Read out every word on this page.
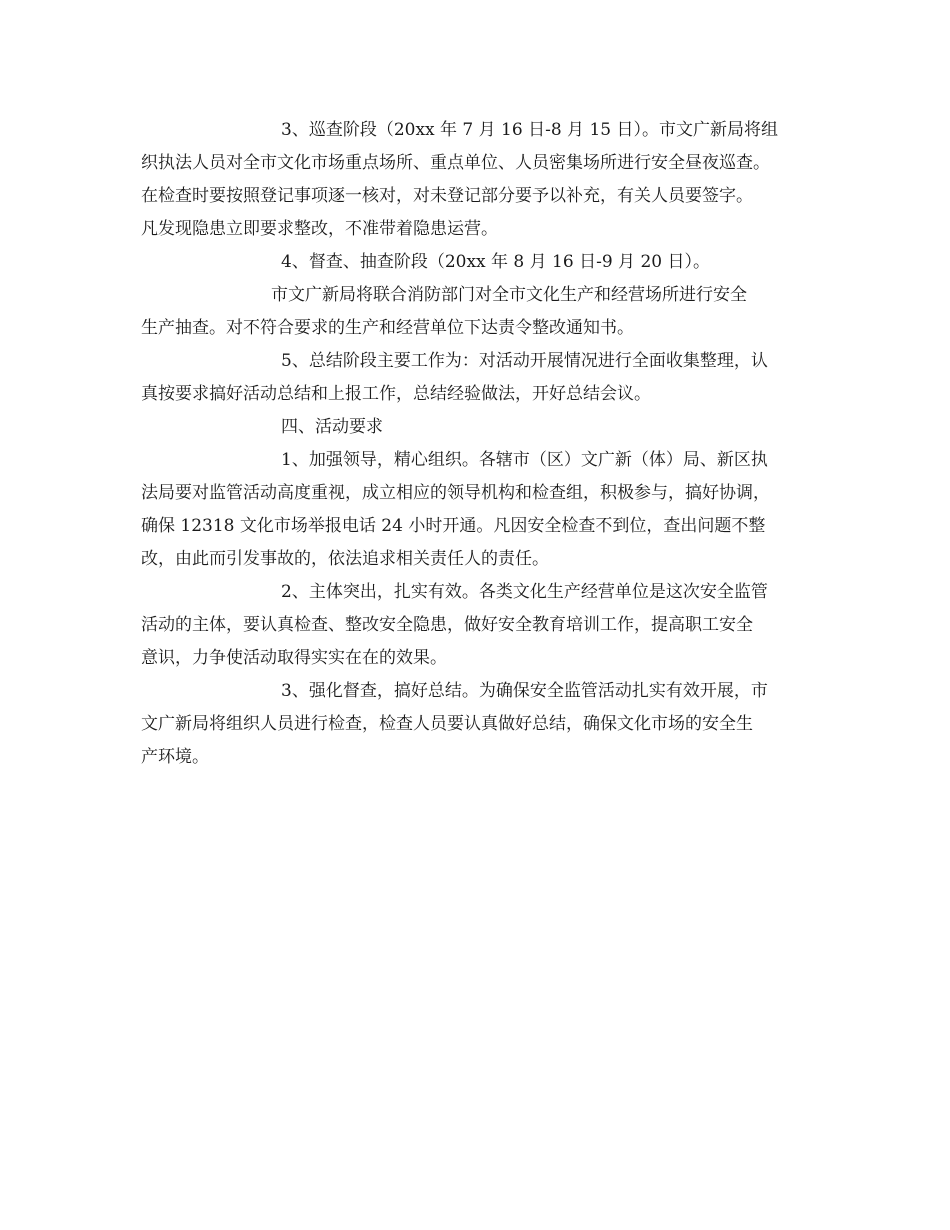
3、巡查阶段（20xx 年 7 月 16 日-8 月 15 日）。市文广新局将组
织执法人员对全市文化市场重点场所、重点单位、人员密集场所进行安全昼夜巡查。
在检查时要按照登记事项逐一核对，对未登记部分要予以补充，有关人员要签字。
凡发现隐患立即要求整改，不准带着隐患运营。
4、督查、抽查阶段（20xx 年 8 月 16 日-9 月 20 日）。
市文广新局将联合消防部门对全市文化生产和经营场所进行安全
生产抽查。对不符合要求的生产和经营单位下达责令整改通知书。
5、总结阶段主要工作为：对活动开展情况进行全面收集整理，认
真按要求搞好活动总结和上报工作，总结经验做法，开好总结会议。
四、活动要求
1、加强领导，精心组织。各辖市（区）文广新（体）局、新区执
法局要对监管活动高度重视，成立相应的领导机构和检查组，积极参与，搞好协调，
确保 12318 文化市场举报电话 24 小时开通。凡因安全检查不到位，查出问题不整
改，由此而引发事故的，依法追求相关责任人的责任。
2、主体突出，扎实有效。各类文化生产经营单位是这次安全监管
活动的主体，要认真检查、整改安全隐患，做好安全教育培训工作，提高职工安全
意识，力争使活动取得实实在在的效果。
3、强化督查，搞好总结。为确保安全监管活动扎实有效开展，市
文广新局将组织人员进行检查，检查人员要认真做好总结，确保文化市场的安全生
产环境。
